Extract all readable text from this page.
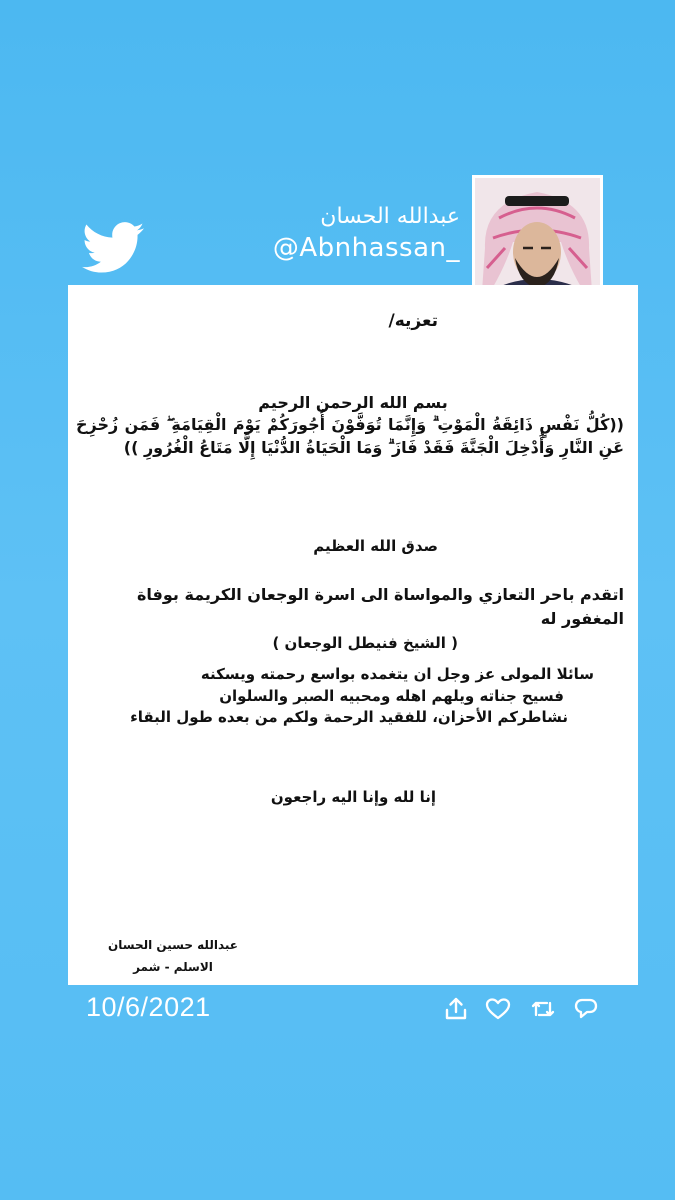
عبدالله الحسان
@Abnhassan_
تعزيه/
بسم الله الرحمن الرحيم
((كُلُّ نَفْسٍ ذَائِقَةُ الْمَوْتِ ۗ وَإِنَّمَا تُوَفَّوْنَ أُجُورَكُمْ يَوْمَ الْقِيَامَةِ ۖ فَمَن زُحْزِحَ عَنِ النَّارِ وَأُدْخِلَ الْجَنَّةَ فَقَدْ فَازَ ۗ وَمَا الْحَيَاةُ الدُّنْيَا إِلَّا مَتَاعُ الْغُرُورِ ))
صدق الله العظيم
اتقدم باحر التعازي والمواساة الى اسرة الوجعان الكريمة بوفاة المغفور له
( الشيخ فنيطل الوجعان )
سائلا المولى عز وجل ان يتغمده بواسع رحمته ويسكنه
فسيح جناته ويلهم اهله ومحبيه الصبر والسلوان
نشاطركم الأحزان، للفقيد الرحمة ولكم من بعده طول البقاء
إنا لله وإنا اليه راجعون
عبدالله حسين الحسان
الاسلم - شمر
10/6/2021
